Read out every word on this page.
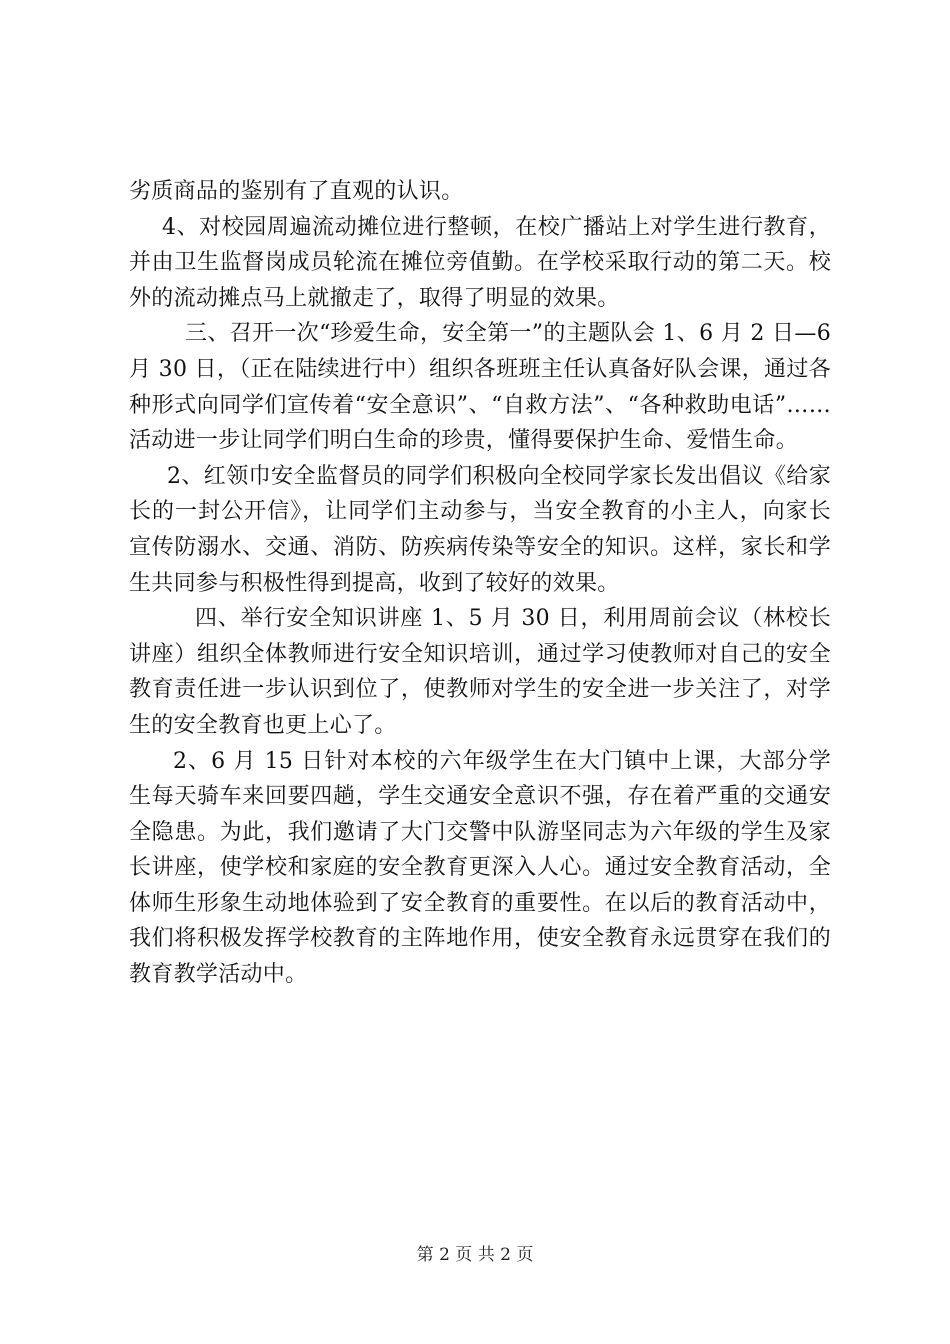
劣质商品的鉴别有了直观的认识。

4、对校园周遍流动摊位进行整顿，在校广播站上对学生进行教育，并由卫生监督岗成员轮流在摊位旁值勤。在学校采取行动的第二天。校外的流动摊点马上就撤走了，取得了明显的效果。

三、召开一次“珍爱生命，安全第一”的主题队会 1、6 月 2 日—6 月 30 日，（正在陆续进行中）组织各班班主任认真备好队会课，通过各种形式向同学们宣传着“安全意识”、“自救方法”、“各种救助电话”……活动进一步让同学们明白生命的珍贵，懂得要保护生命、爱惜生命。

2、红领巾安全监督员的同学们积极向全校同学家长发出倡议《给家长的一封公开信》，让同学们主动参与，当安全教育的小主人，向家长宣传防溺水、交通、消防、防疾病传染等安全的知识。这样，家长和学生共同参与积极性得到提高，收到了较好的效果。

四、举行安全知识讲座 1、5 月 30 日，利用周前会议（林校长讲座）组织全体教师进行安全知识培训，通过学习使教师对自己的安全教育责任进一步认识到位了，使教师对学生的安全进一步关注了，对学生的安全教育也更上心了。

2、6 月 15 日针对本校的六年级学生在大门镇中上课，大部分学生每天骑车来回要四趟，学生交通安全意识不强，存在着严重的交通安全隐患。为此，我们邀请了大门交警中队游坚同志为六年级的学生及家长讲座，使学校和家庭的安全教育更深入人心。通过安全教育活动，全体师生形象生动地体验到了安全教育的重要性。在以后的教育活动中，我们将积极发挥学校教育的主阵地作用，使安全教育永远贯穿在我们的教育教学活动中。

第 2 页 共 2 页
